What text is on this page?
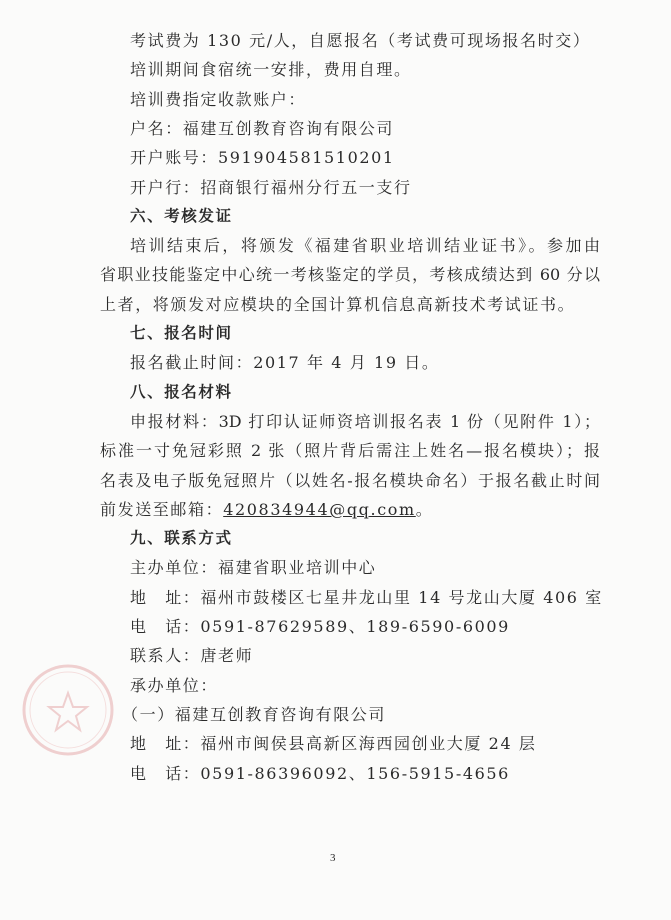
考试费为 130 元/人，自愿报名（考试费可现场报名时交）
培训期间食宿统一安排，费用自理。
培训费指定收款账户：
户名：福建互创教育咨询有限公司
开户账号：591904581510201
开户行：招商银行福州分行五一支行
六、考核发证
培训结束后，将颁发《福建省职业培训结业证书》。参加由
省职业技能鉴定中心统一考核鉴定的学员，考核成绩达到 60 分以
上者，将颁发对应模块的全国计算机信息高新技术考试证书。
七、报名时间
报名截止时间：2017 年 4 月 19 日。
八、报名材料
申报材料：3D 打印认证师资培训报名表 1 份（见附件 1）；
标准一寸免冠彩照 2 张（照片背后需注上姓名—报名模块）；报
名表及电子版免冠照片（以姓名-报名模块命名）于报名截止时间
前发送至邮箱：420834944@qq.com。
九、联系方式
主办单位：福建省职业培训中心
地　址：福州市鼓楼区七星井龙山里 14 号龙山大厦 406 室
电　话：0591-87629589、189-6590-6009
联系人：唐老师
承办单位：
（一）福建互创教育咨询有限公司
地　址：福州市闽侯县高新区海西园创业大厦 24 层
电　话：0591-86396092、156-5915-4656
3
